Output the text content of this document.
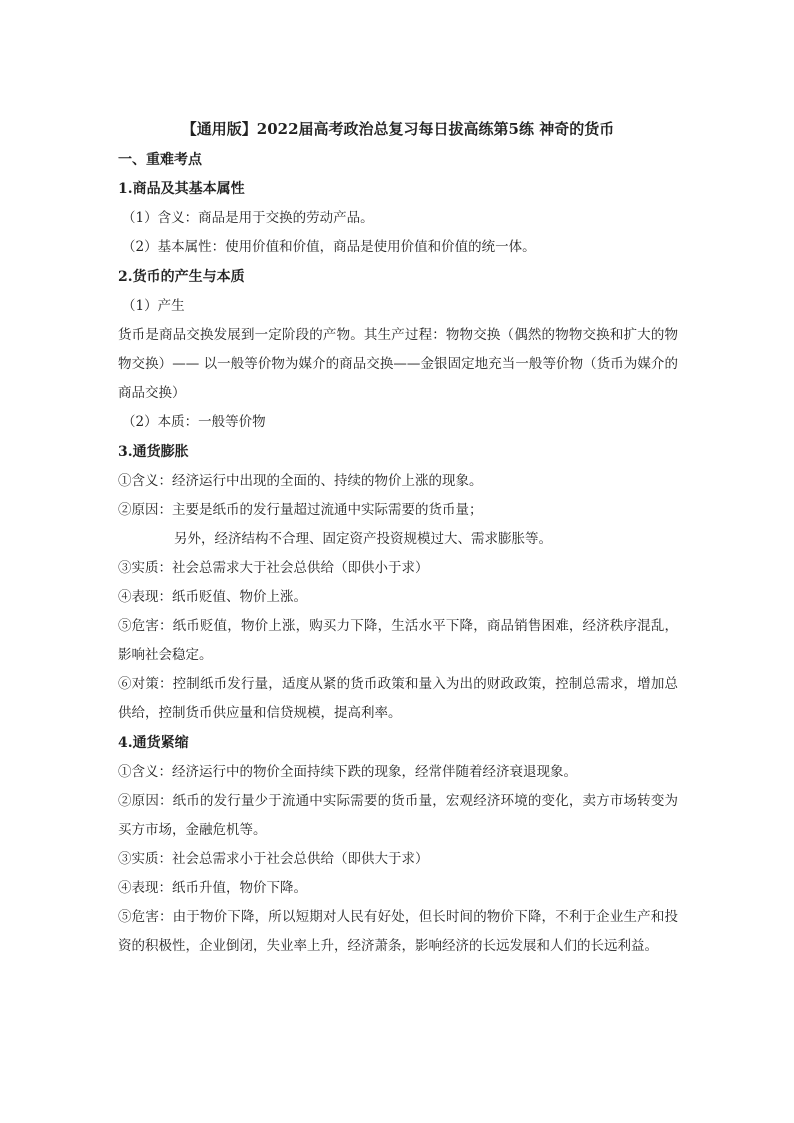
【通用版】2022届高考政治总复习每日拔高练第5练 神奇的货币

一、重难考点

1.商品及其基本属性

（1）含义：商品是用于交换的劳动产品。

（2）基本属性：使用价值和价值，商品是使用价值和价值的统一体。

2.货币的产生与本质

（1）产生

货币是商品交换发展到一定阶段的产物。其生产过程：物物交换（偶然的物物交换和扩大的物物交换）—— 以一般等价物为媒介的商品交换——金银固定地充当一般等价物（货币为媒介的商品交换）

（2）本质：一般等价物

3.通货膨胀

①含义：经济运行中出现的全面的、持续的物价上涨的现象。

②原因：主要是纸币的发行量超过流通中实际需要的货币量；

另外，经济结构不合理、固定资产投资规模过大、需求膨胀等。

③实质：社会总需求大于社会总供给（即供小于求）

④表现：纸币贬值、物价上涨。

⑤危害：纸币贬值，物价上涨，购买力下降，生活水平下降，商品销售困难，经济秩序混乱，影响社会稳定。

⑥对策：控制纸币发行量，适度从紧的货币政策和量入为出的财政政策，控制总需求，增加总供给，控制货币供应量和信贷规模，提高利率。

4.通货紧缩

①含义：经济运行中的物价全面持续下跌的现象，经常伴随着经济衰退现象。

②原因：纸币的发行量少于流通中实际需要的货币量，宏观经济环境的变化，卖方市场转变为买方市场，金融危机等。

③实质：社会总需求小于社会总供给（即供大于求）

④表现：纸币升值，物价下降。

⑤危害：由于物价下降，所以短期对人民有好处，但长时间的物价下降，不利于企业生产和投资的积极性，企业倒闭，失业率上升，经济萧条，影响经济的长远发展和人们的长远利益。
